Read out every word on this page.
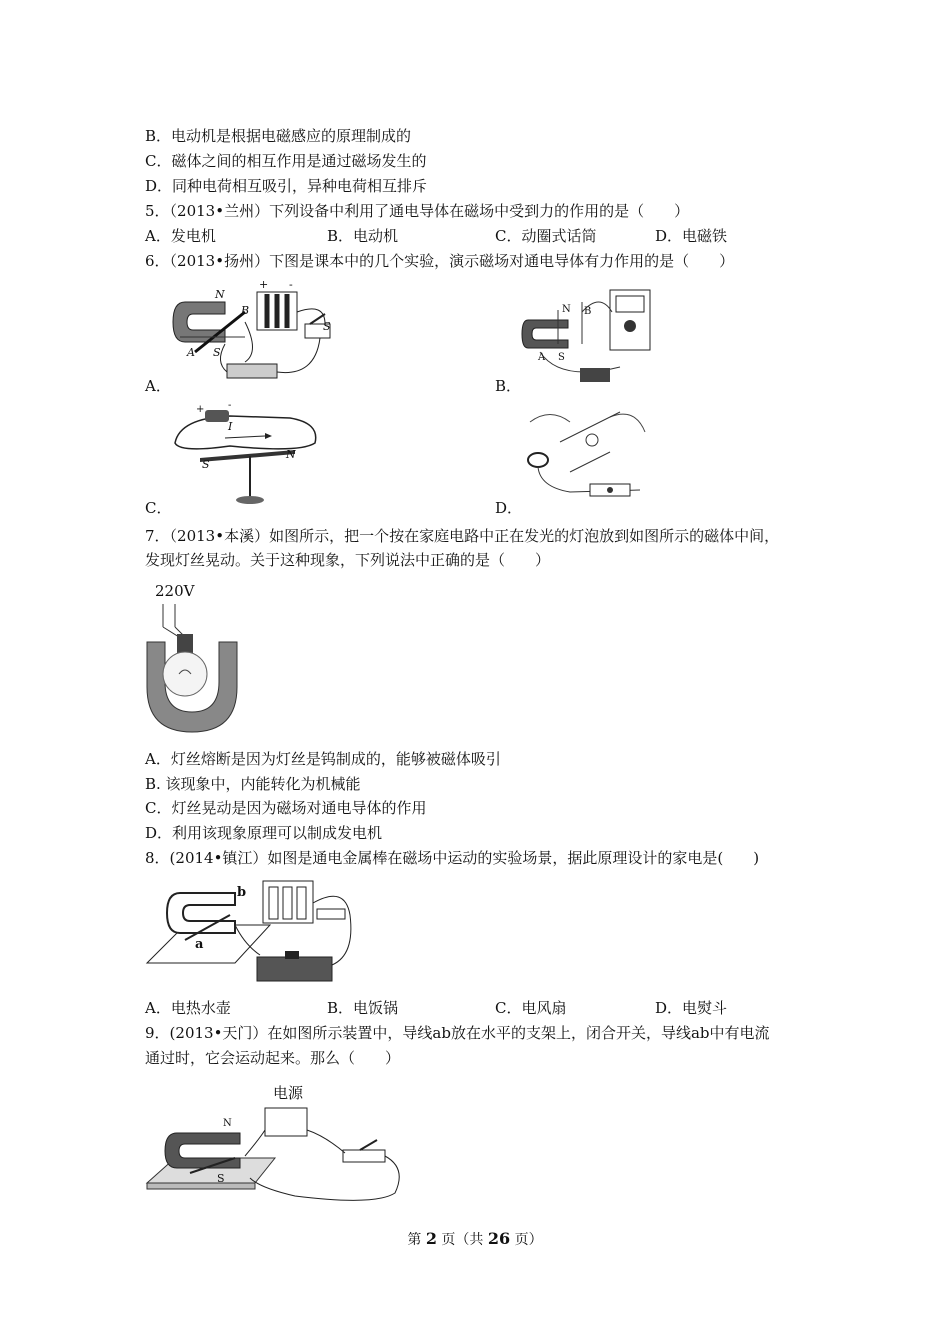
B．电动机是根据电磁感应的原理制成的
C．磁体之间的相互作用是通过磁场发生的
D．同种电荷相互吸引，异种电荷相互排斥
5．（2013•兰州）下列设备中利用了通电导体在磁场中受到力的作用的是（　　）
A．发电机	B．电动机	C．动圈式话筒	D．电磁铁
6．（2013•扬州）下图是课本中的几个实验，演示磁场对通电导体有力作用的是（　　）
N
B
A S
S
+ -
A．
N B
A S
B．
+ -
I
S
N
C．	D．
7．（2013•本溪）如图所示，把一个按在家庭电路中正在发光的灯泡放到如图所示的磁体中间，
发现灯丝晃动。关于这种现象，下列说法中正确的是（　　）
220V
A．灯丝熔断是因为灯丝是钨制成的，能够被磁体吸引
B. 该现象中，内能转化为机械能
C．灯丝晃动是因为磁场对通电导体的作用
D．利用该现象原理可以制成发电机
8．(2014•镇江）如图是通电金属棒在磁场中运动的实验场景，据此原理设计的家电是(　　)
b
a
A．电热水壶	B．电饭锅	C．电风扇	D．电熨斗
9．(2013•天门）在如图所示装置中，导线ab放在水平的支架上，闭合开关，导线ab中有电流
通过时，它会运动起来。那么（　　）
电源
N
S
第 2 页（共 26 页）
